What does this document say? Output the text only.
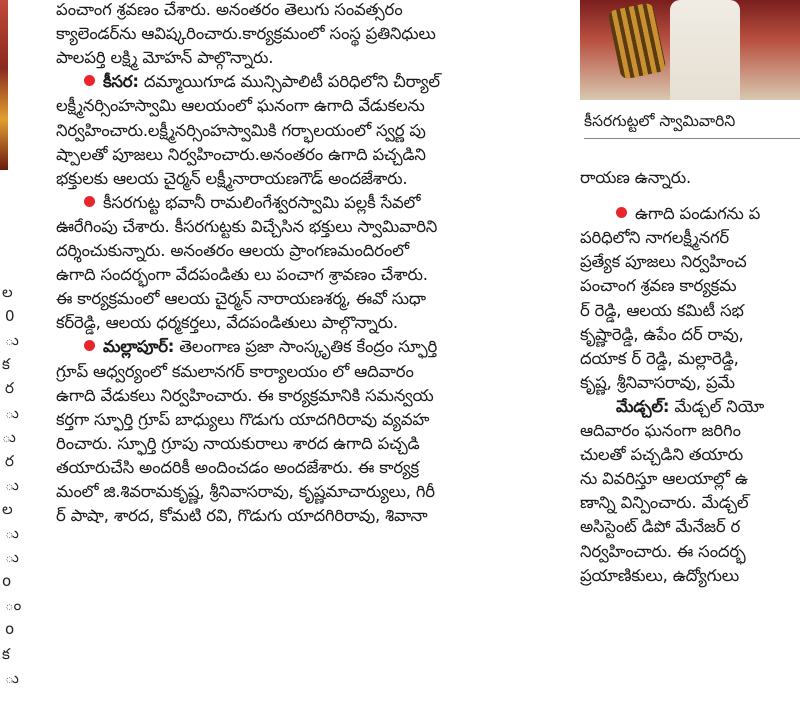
ల
0
ు
క
ర
ు
ు
ర
ు
ల
ు
ు
o
ం
o
క
ు
పంచాంగ శ్రవణం చేశారు. అనంతరం తెలుగు సంవత్సరం
క్యాలెండర్‌ను ఆవిష్కరించారు.కార్యక్రమంలో సంస్థ ప్రతినిధులు
పాలపర్తి లక్ష్మి మోహన్ పాల్గొన్నారు.
కీసర: దమ్మాయిగూడ మున్సిపాలిటీ పరిధిలోని చీర్యాల్
లక్ష్మీనర్సింహస్వామి ఆలయంలో ఘనంగా ఉగాది వేడుకలను
నిర్వహించారు.లక్ష్మీనర్సింహస్వామికి గర్భాలయంలో స్వర్ణ పు
ష్పాలతో పూజలు నిర్వహించారు.అనంతరం ఉగాది పచ్చడిని
భక్తులకు ఆలయ చైర్మన్ లక్ష్మీనారాయణగౌడ్ అందజేశారు.
కీసరగుట్ట భవానీ రామలింగేశ్వరస్వామి పల్లకీ సేవలో
ఊరేగింపు చేశారు. కీసరగుట్టకు విచ్చేసిన భక్తులు స్వామివారిని
దర్శించుకున్నారు. అనంతరం ఆలయ ప్రాంగణమందిరంలో
ఉగాది సందర్భంగా వేదపండితు లు పంచాగ శ్రావణం చేశారు.
ఈ కార్యక్రమంలో ఆలయ చైర్మన్ నారాయణశర్మ, ఈవో సుధా
కర్‌రెడ్డి, ఆలయ ధర్మకర్తలు, వేదపండితులు పాల్గొన్నారు.
మల్లాపూర్: తెలంగాణ ప్రజా సాంస్కృతిక కేంద్రం స్ఫూర్తి
గ్రూప్ ఆధ్వర్యంలో కమలానగర్ కార్యాలయం లో ఆదివారం
ఉగాది వేడుకలు నిర్వహించారు. ఈ కార్యక్రమానికి సమన్వయ
కర్తగా స్ఫూర్తి గ్రూప్ బాధ్యులు గొడుగు యాదగిరిరావు వ్యవహ
రించారు. స్ఫూర్తి గ్రూపు నాయకురాలు శారద ఉగాది పచ్చడి
తయారుచేసి అందరికీ అందించడం అందజేశారు. ఈ కార్యక్ర
మంలో జి.శివరామకృష్ణ, శ్రీనివాసరావు, కృష్ణమాచార్యులు, గిరీ
ర్ పాషా, శారద, కోమటి రవి, గొడుగు యాదగిరిరావు, శివానా
కీసరగుట్టలో స్వామివారిని
రాయణ ఉన్నారు.
ఉగాది పండుగను ప
పరిధిలోని నాగలక్ష్మీనగర్
ప్రత్యేక పూజలు నిర్వహించ
పంచాంగ శ్రవణ కార్యక్రమ
ర్ రెడ్డి, ఆలయ కమిటీ సభ
కృష్ణారెడ్డి, ఉపేం దర్ రావు,
దయాక ర్ రెడ్డి, మల్లారెడ్డి,
కృష్ణ, శ్రీనివాసరావు, ప్రమే
మేడ్చల్: మేడ్చల్ నియో
ఆదివారం ఘనంగా జరిగిం
చులతో పచ్చడిని తయారు
ను వివరిస్తూ ఆలయాల్లో ఉ
ణాన్ని విన్పించారు. మేడ్చల్
అసిస్టెంట్ డిపో మేనేజర్ ర
నిర్వహించారు. ఈ సందర్భ
ప్రయాణికులు, ఉద్యోగులు
